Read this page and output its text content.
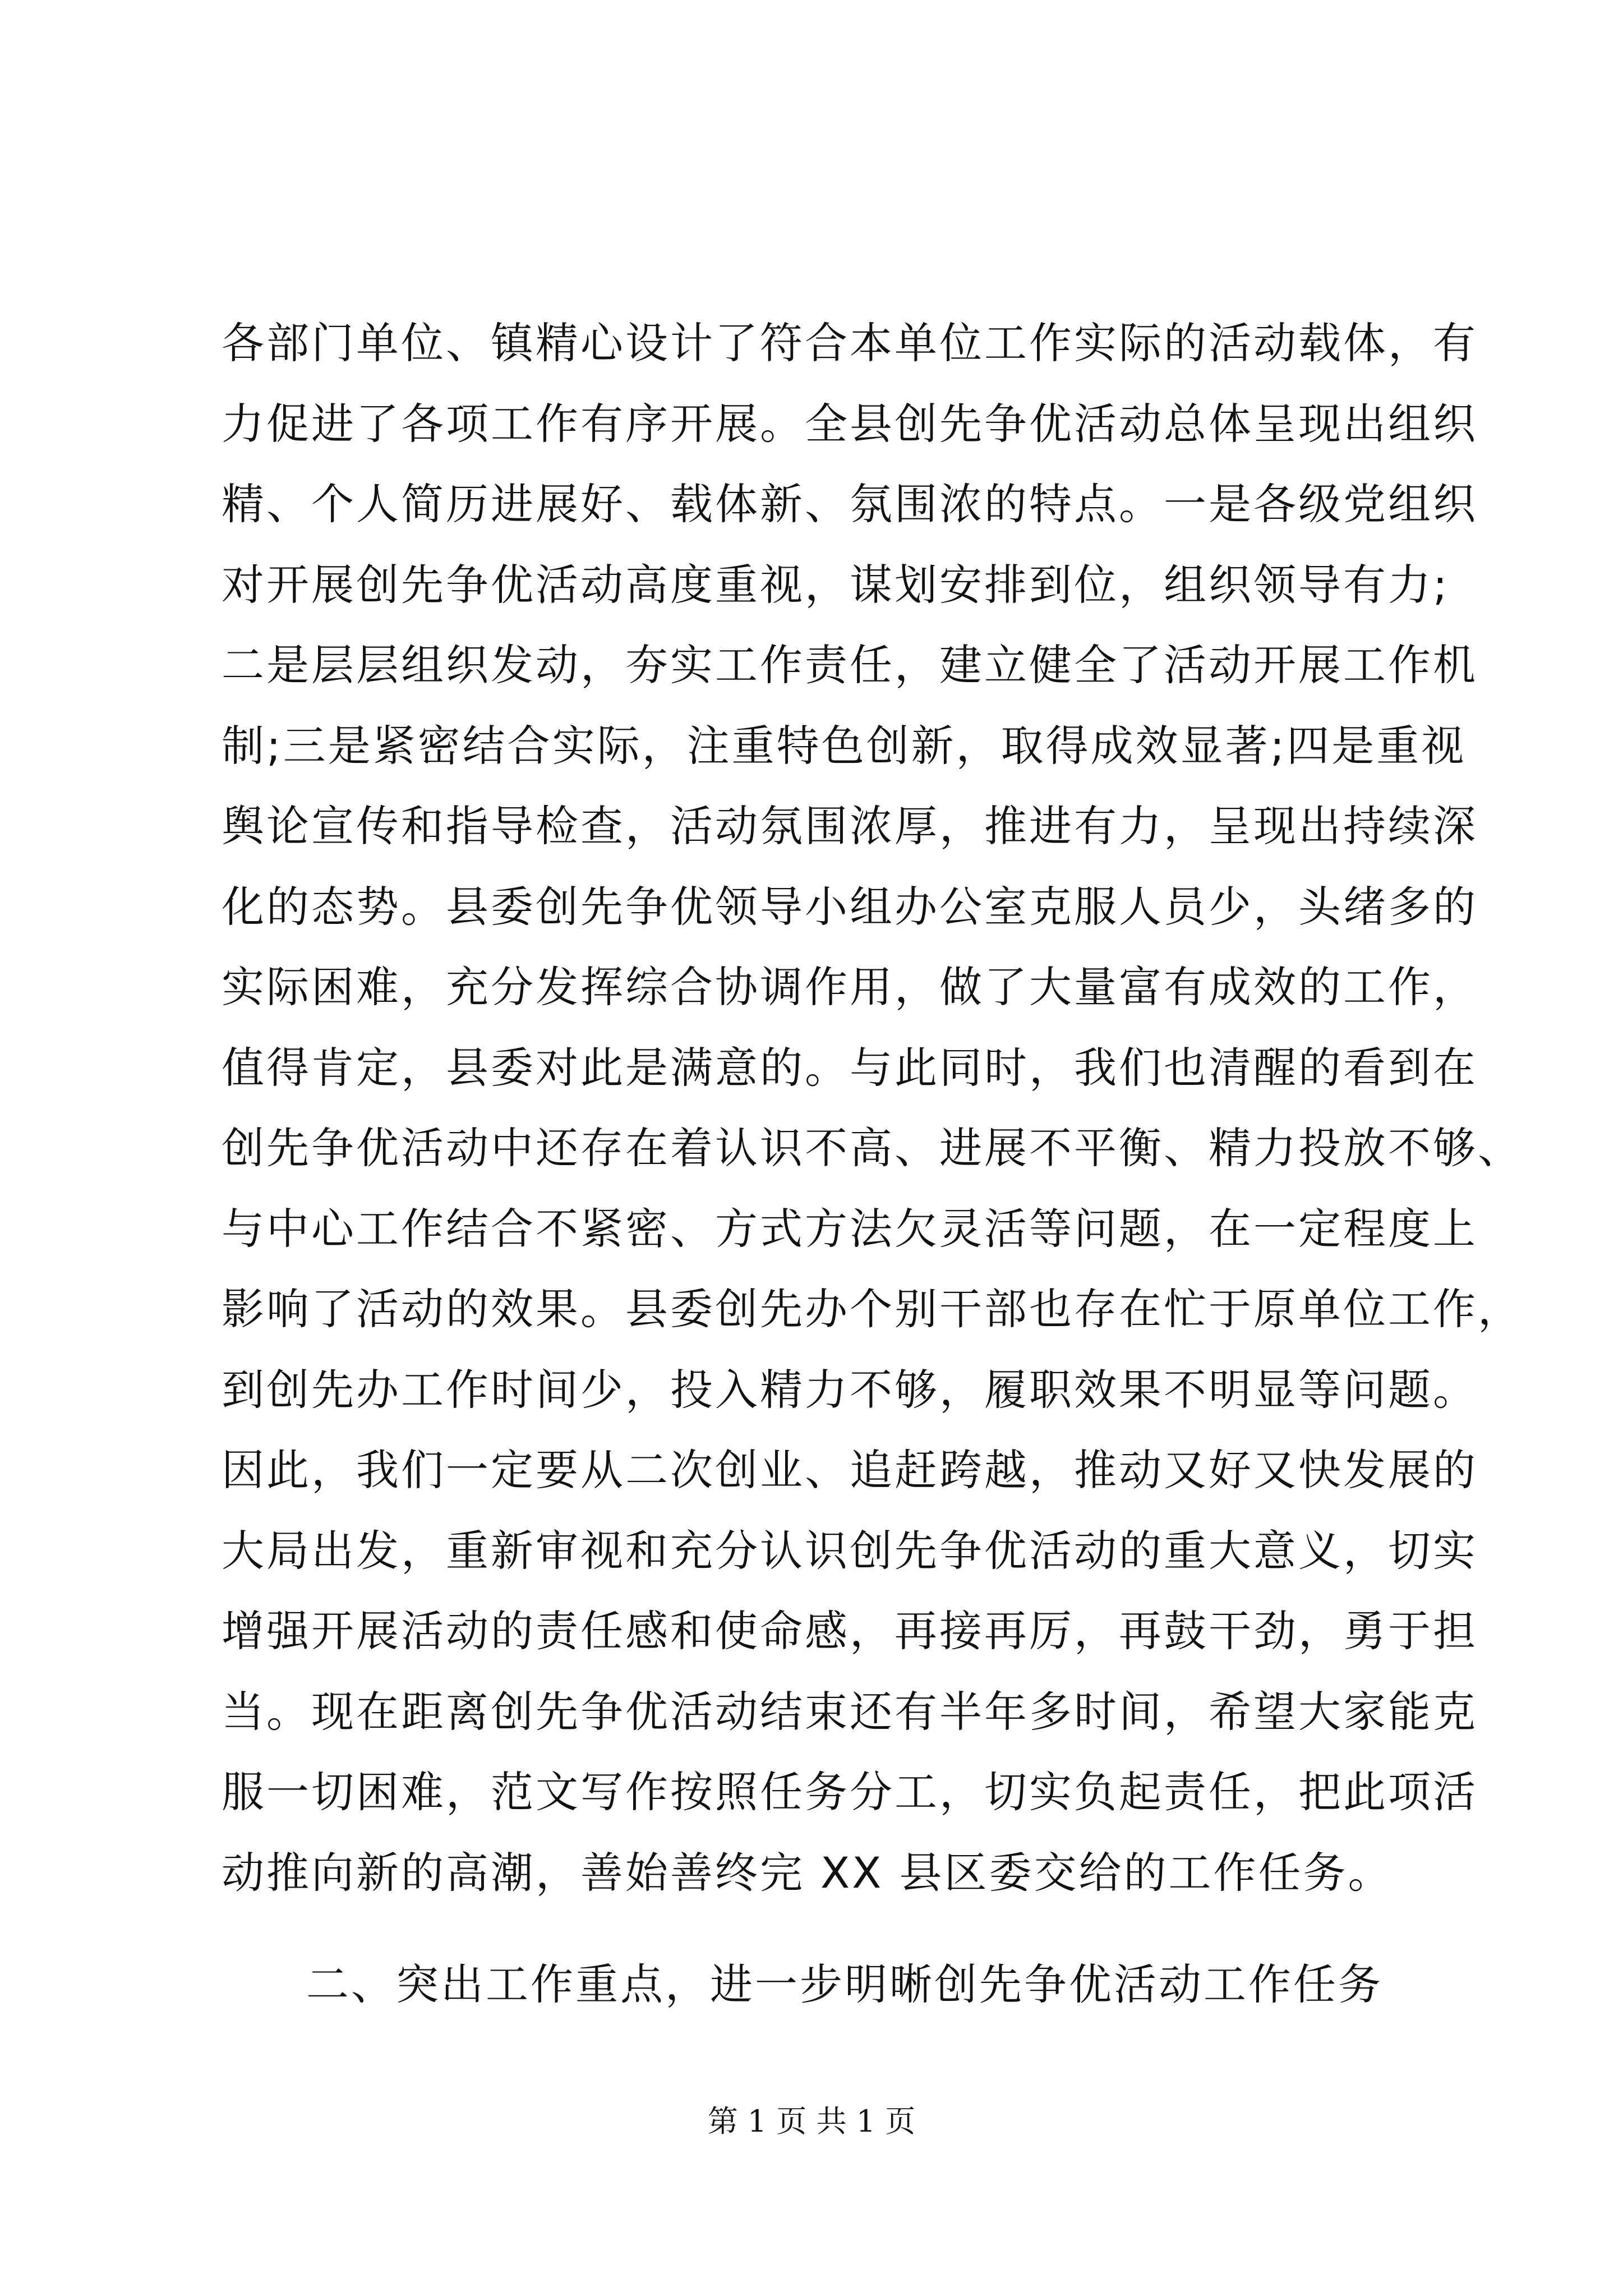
各部门单位、镇精心设计了符合本单位工作实际的活动载体，有
力促进了各项工作有序开展。全县创先争优活动总体呈现出组织
精、个人简历进展好、载体新、氛围浓的特点。一是各级党组织
对开展创先争优活动高度重视，谋划安排到位，组织领导有力;
二是层层组织发动，夯实工作责任，建立健全了活动开展工作机
制;三是紧密结合实际，注重特色创新，取得成效显著;四是重视
舆论宣传和指导检查，活动氛围浓厚，推进有力，呈现出持续深
化的态势。县委创先争优领导小组办公室克服人员少，头绪多的
实际困难，充分发挥综合协调作用，做了大量富有成效的工作，
值得肯定，县委对此是满意的。与此同时，我们也清醒的看到在
创先争优活动中还存在着认识不高、进展不平衡、精力投放不够、
与中心工作结合不紧密、方式方法欠灵活等问题，在一定程度上
影响了活动的效果。县委创先办个别干部也存在忙于原单位工作，
到创先办工作时间少，投入精力不够，履职效果不明显等问题。
因此，我们一定要从二次创业、追赶跨越，推动又好又快发展的
大局出发，重新审视和充分认识创先争优活动的重大意义，切实
增强开展活动的责任感和使命感，再接再厉，再鼓干劲，勇于担
当。现在距离创先争优活动结束还有半年多时间，希望大家能克
服一切困难，范文写作按照任务分工，切实负起责任，把此项活
动推向新的高潮，善始善终完 XX 县区委交给的工作任务。
二、突出工作重点，进一步明晰创先争优活动工作任务
第 1 页 共 1 页
